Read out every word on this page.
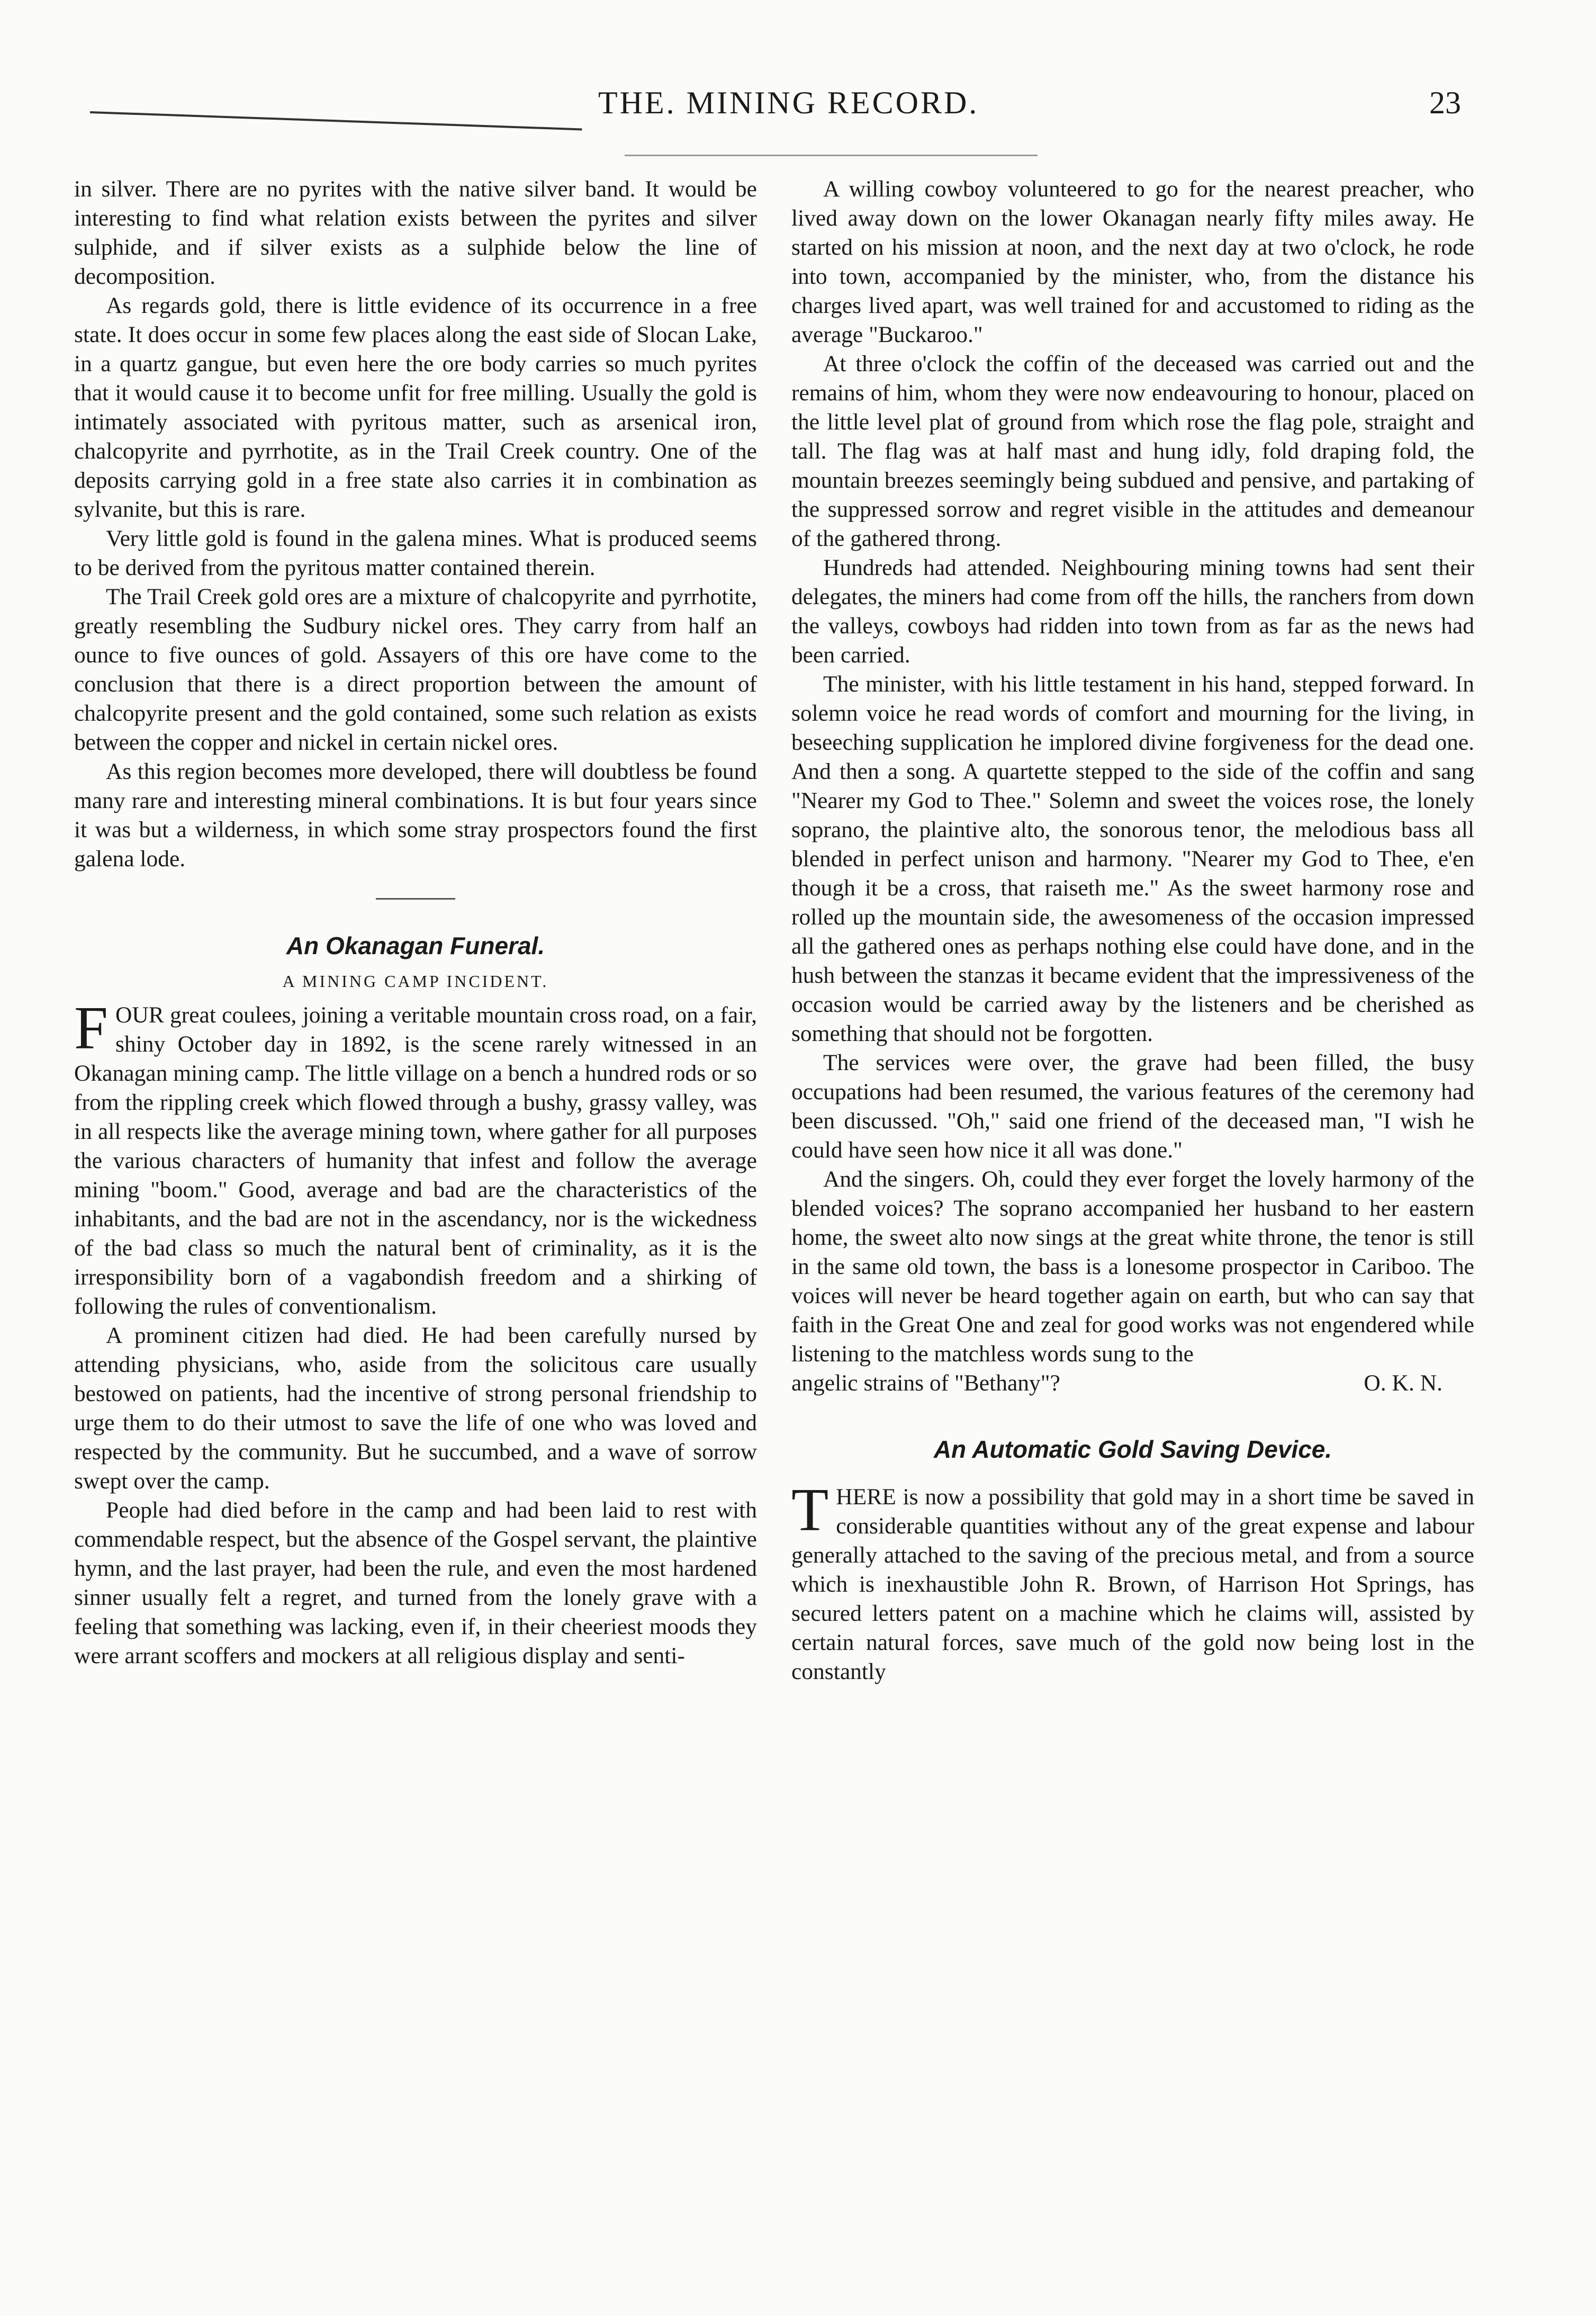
THE. MINING RECORD.	23

in silver. There are no pyrites with the native silver band. It would be interesting to find what relation exists between the pyrites and silver sulphide, and if silver exists as a sulphide below the line of decomposition.

As regards gold, there is little evidence of its occurrence in a free state. It does occur in some few places along the east side of Slocan Lake, in a quartz gangue, but even here the ore body carries so much pyrites that it would cause it to become unfit for free milling. Usually the gold is intimately associated with pyritous matter, such as arsenical iron, chalcopyrite and pyrrhotite, as in the Trail Creek country. One of the deposits carrying gold in a free state also carries it in combination as sylvanite, but this is rare.

Very little gold is found in the galena mines. What is produced seems to be derived from the pyritous matter contained therein.

The Trail Creek gold ores are a mixture of chalcopyrite and pyrrhotite, greatly resembling the Sudbury nickel ores. They carry from half an ounce to five ounces of gold. Assayers of this ore have come to the conclusion that there is a direct proportion between the amount of chalcopyrite present and the gold contained, some such relation as exists between the copper and nickel in certain nickel ores.

As this region becomes more developed, there will doubtless be found many rare and interesting mineral combinations. It is but four years since it was but a wilderness, in which some stray prospectors found the first galena lode.

An Okanagan Funeral.
A MINING CAMP INCIDENT.

FOUR great coulees, joining a veritable mountain cross road, on a fair, shiny October day in 1892, is the scene rarely witnessed in an Okanagan mining camp. The little village on a bench a hundred rods or so from the rippling creek which flowed through a bushy, grassy valley, was in all respects like the average mining town, where gather for all purposes the various characters of humanity that infest and follow the average mining "boom." Good, average and bad are the characteristics of the inhabitants, and the bad are not in the ascendancy, nor is the wickedness of the bad class so much the natural bent of criminality, as it is the irresponsibility born of a vagabondish freedom and a shirking of following the rules of conventionalism.

A prominent citizen had died. He had been carefully nursed by attending physicians, who, aside from the solicitous care usually bestowed on patients, had the incentive of strong personal friendship to urge them to do their utmost to save the life of one who was loved and respected by the community. But he succumbed, and a wave of sorrow swept over the camp.

People had died before in the camp and had been laid to rest with commendable respect, but the absence of the Gospel servant, the plaintive hymn, and the last prayer, had been the rule, and even the most hardened sinner usually felt a regret, and turned from the lonely grave with a feeling that something was lacking, even if, in their cheeriest moods they were arrant scoffers and mockers at all religious display and senti-

A willing cowboy volunteered to go for the nearest preacher, who lived away down on the lower Okanagan nearly fifty miles away. He started on his mission at noon, and the next day at two o'clock, he rode into town, accompanied by the minister, who, from the distance his charges lived apart, was well trained for and accustomed to riding as the average "Buckaroo."

At three o'clock the coffin of the deceased was carried out and the remains of him, whom they were now endeavouring to honour, placed on the little level plat of ground from which rose the flag pole, straight and tall. The flag was at half mast and hung idly, fold draping fold, the mountain breezes seemingly being subdued and pensive, and partaking of the suppressed sorrow and regret visible in the attitudes and demeanour of the gathered throng.

Hundreds had attended. Neighbouring mining towns had sent their delegates, the miners had come from off the hills, the ranchers from down the valleys, cowboys had ridden into town from as far as the news had been carried.

The minister, with his little testament in his hand, stepped forward. In solemn voice he read words of comfort and mourning for the living, in beseeching supplication he implored divine forgiveness for the dead one. And then a song. A quartette stepped to the side of the coffin and sang "Nearer my God to Thee." Solemn and sweet the voices rose, the lonely soprano, the plaintive alto, the sonorous tenor, the melodious bass all blended in perfect unison and harmony. "Nearer my God to Thee, e'en though it be a cross, that raiseth me." As the sweet harmony rose and rolled up the mountain side, the awesomeness of the occasion impressed all the gathered ones as perhaps nothing else could have done, and in the hush between the stanzas it became evident that the impressiveness of the occasion would be carried away by the listeners and be cherished as something that should not be forgotten.

The services were over, the grave had been filled, the busy occupations had been resumed, the various features of the ceremony had been discussed. "Oh," said one friend of the deceased man, "I wish he could have seen how nice it all was done."

And the singers. Oh, could they ever forget the lovely harmony of the blended voices? The soprano accompanied her husband to her eastern home, the sweet alto now sings at the great white throne, the tenor is still in the same old town, the bass is a lonesome prospector in Cariboo. The voices will never be heard together again on earth, but who can say that faith in the Great One and zeal for good works was not engendered while listening to the matchless words sung to the

angelic strains of "Bethany"?	O. K. N.
An Automatic Gold Saving Device.

THERE is now a possibility that gold may in a short time be saved in considerable quantities without any of the great expense and labour generally attached to the saving of the precious metal, and from a source which is inexhaustible John R. Brown, of Harrison Hot Springs, has secured letters patent on a machine which he claims will, assisted by certain natural forces, save much of the gold now being lost in the constantly
